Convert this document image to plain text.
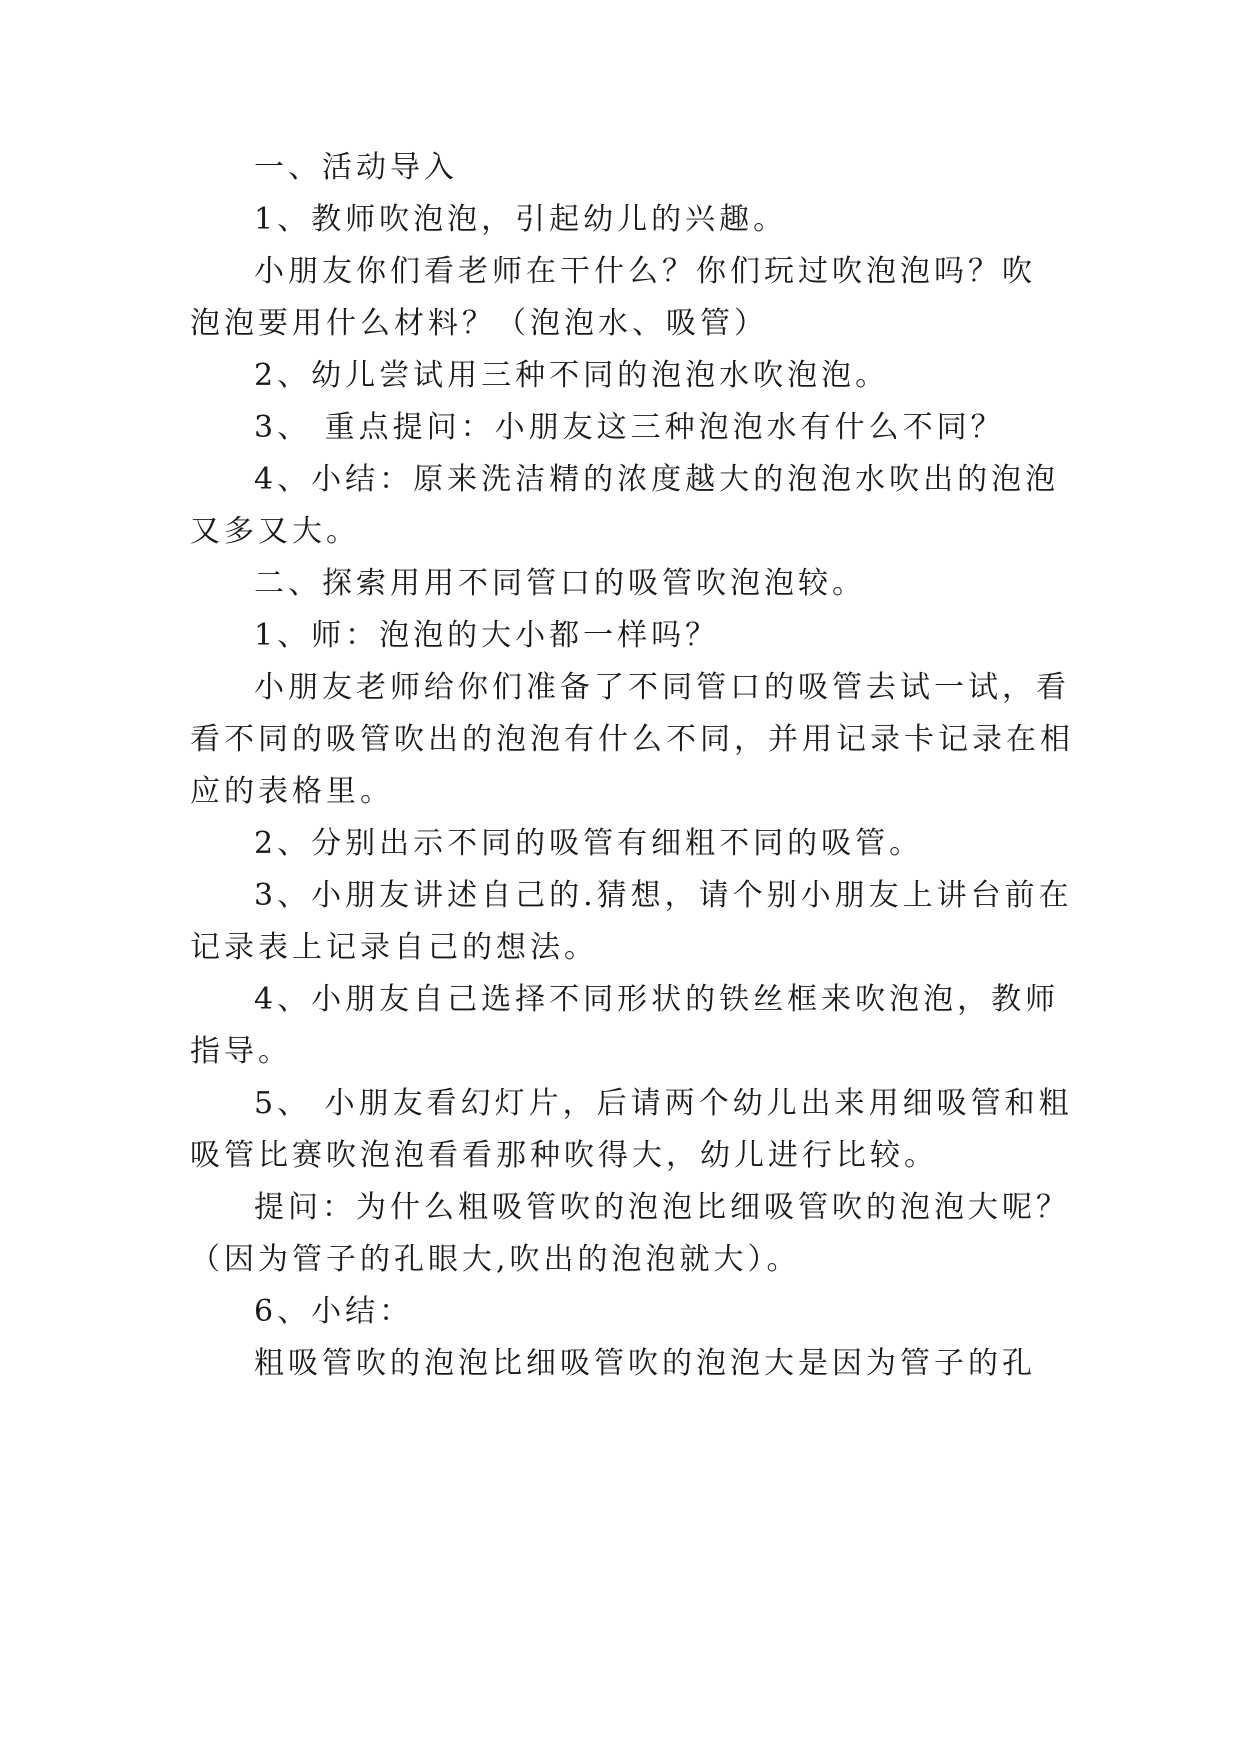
一、活动导入
1、教师吹泡泡，引起幼儿的兴趣。
小朋友你们看老师在干什么？你们玩过吹泡泡吗？吹
泡泡要用什么材料？（泡泡水、吸管）
2、幼儿尝试用三种不同的泡泡水吹泡泡。
3、 重点提问：小朋友这三种泡泡水有什么不同？
4、小结：原来洗洁精的浓度越大的泡泡水吹出的泡泡
又多又大。
二、探索用用不同管口的吸管吹泡泡较。
1、师：泡泡的大小都一样吗？
小朋友老师给你们准备了不同管口的吸管去试一试，看
看不同的吸管吹出的泡泡有什么不同，并用记录卡记录在相
应的表格里。
2、分别出示不同的吸管有细粗不同的吸管。
3、小朋友讲述自己的.猜想，请个别小朋友上讲台前在
记录表上记录自己的想法。
4、小朋友自己选择不同形状的铁丝框来吹泡泡，教师
指导。
5、 小朋友看幻灯片，后请两个幼儿出来用细吸管和粗
吸管比赛吹泡泡看看那种吹得大，幼儿进行比较。
提问：为什么粗吸管吹的泡泡比细吸管吹的泡泡大呢？
（因为管子的孔眼大,吹出的泡泡就大）。
6、小结：
粗吸管吹的泡泡比细吸管吹的泡泡大是因为管子的孔
